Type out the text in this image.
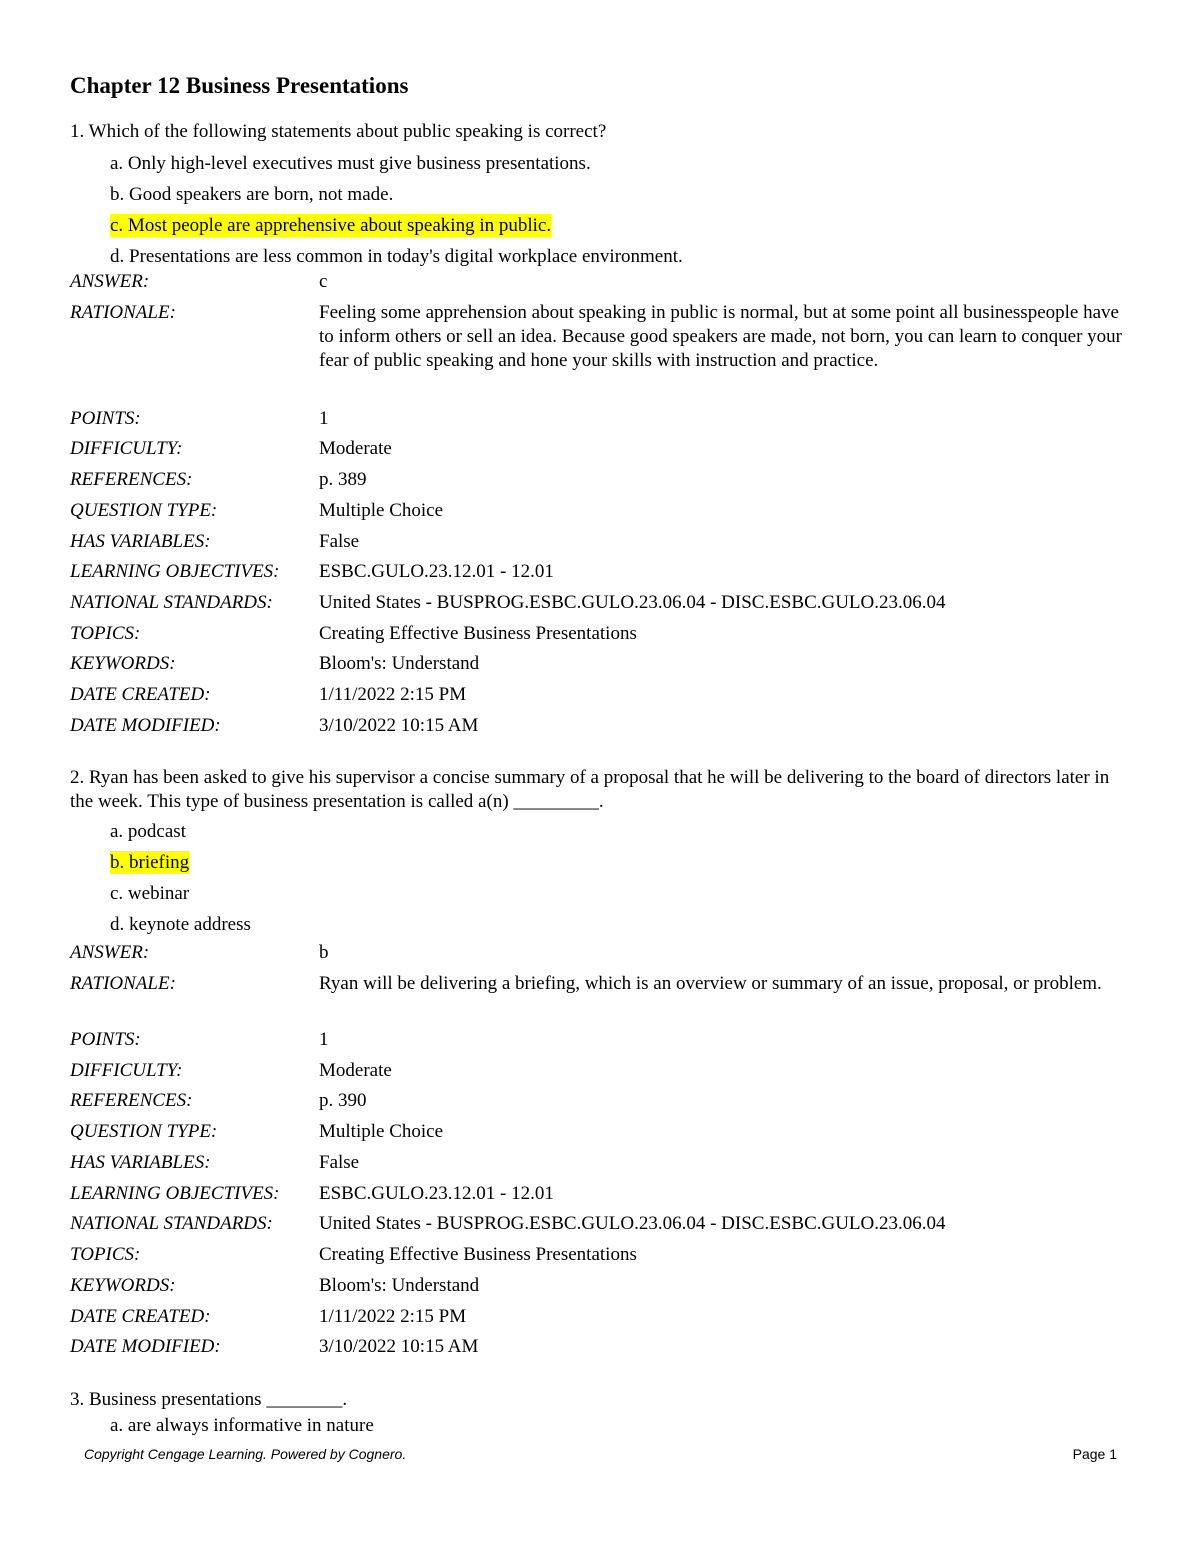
Chapter 12 Business Presentations

1. Which of the following statements about public speaking is correct?

a. Only high-level executives must give business presentations.

b. Good speakers are born, not made.

c. Most people are apprehensive about speaking in public.

d. Presentations are less common in today's digital workplace environment.

ANSWER:	c
RATIONALE:	Feeling some apprehension about speaking in public is normal, but at some point all businesspeople have to inform others or sell an idea. Because good speakers are made, not born, you can learn to conquer your fear of public speaking and hone your skills with instruction and practice.
POINTS:	1
DIFFICULTY:	Moderate
REFERENCES:	p. 389
QUESTION TYPE:	Multiple Choice
HAS VARIABLES:	False
LEARNING OBJECTIVES:	ESBC.GULO.23.12.01 - 12.01
NATIONAL STANDARDS:	United States - BUSPROG.ESBC.GULO.23.06.04 - DISC.ESBC.GULO.23.06.04
TOPICS:	Creating Effective Business Presentations
KEYWORDS:	Bloom's: Understand
DATE CREATED:	1/11/2022 2:15 PM
DATE MODIFIED:	3/10/2022 10:15 AM

2. Ryan has been asked to give his supervisor a concise summary of a proposal that he will be delivering to the board of directors later in the week. This type of business presentation is called a(n) _________.

a. podcast

b. briefing

c. webinar

d. keynote address

ANSWER:	b
RATIONALE:	Ryan will be delivering a briefing, which is an overview or summary of an issue, proposal, or problem.
POINTS:	1
DIFFICULTY:	Moderate
REFERENCES:	p. 390
QUESTION TYPE:	Multiple Choice
HAS VARIABLES:	False
LEARNING OBJECTIVES:	ESBC.GULO.23.12.01 - 12.01
NATIONAL STANDARDS:	United States - BUSPROG.ESBC.GULO.23.06.04 - DISC.ESBC.GULO.23.06.04
TOPICS:	Creating Effective Business Presentations
KEYWORDS:	Bloom's: Understand
DATE CREATED:	1/11/2022 2:15 PM
DATE MODIFIED:	3/10/2022 10:15 AM

3. Business presentations ________.

a. are always informative in nature

Copyright Cengage Learning. Powered by Cognero.	Page 1
